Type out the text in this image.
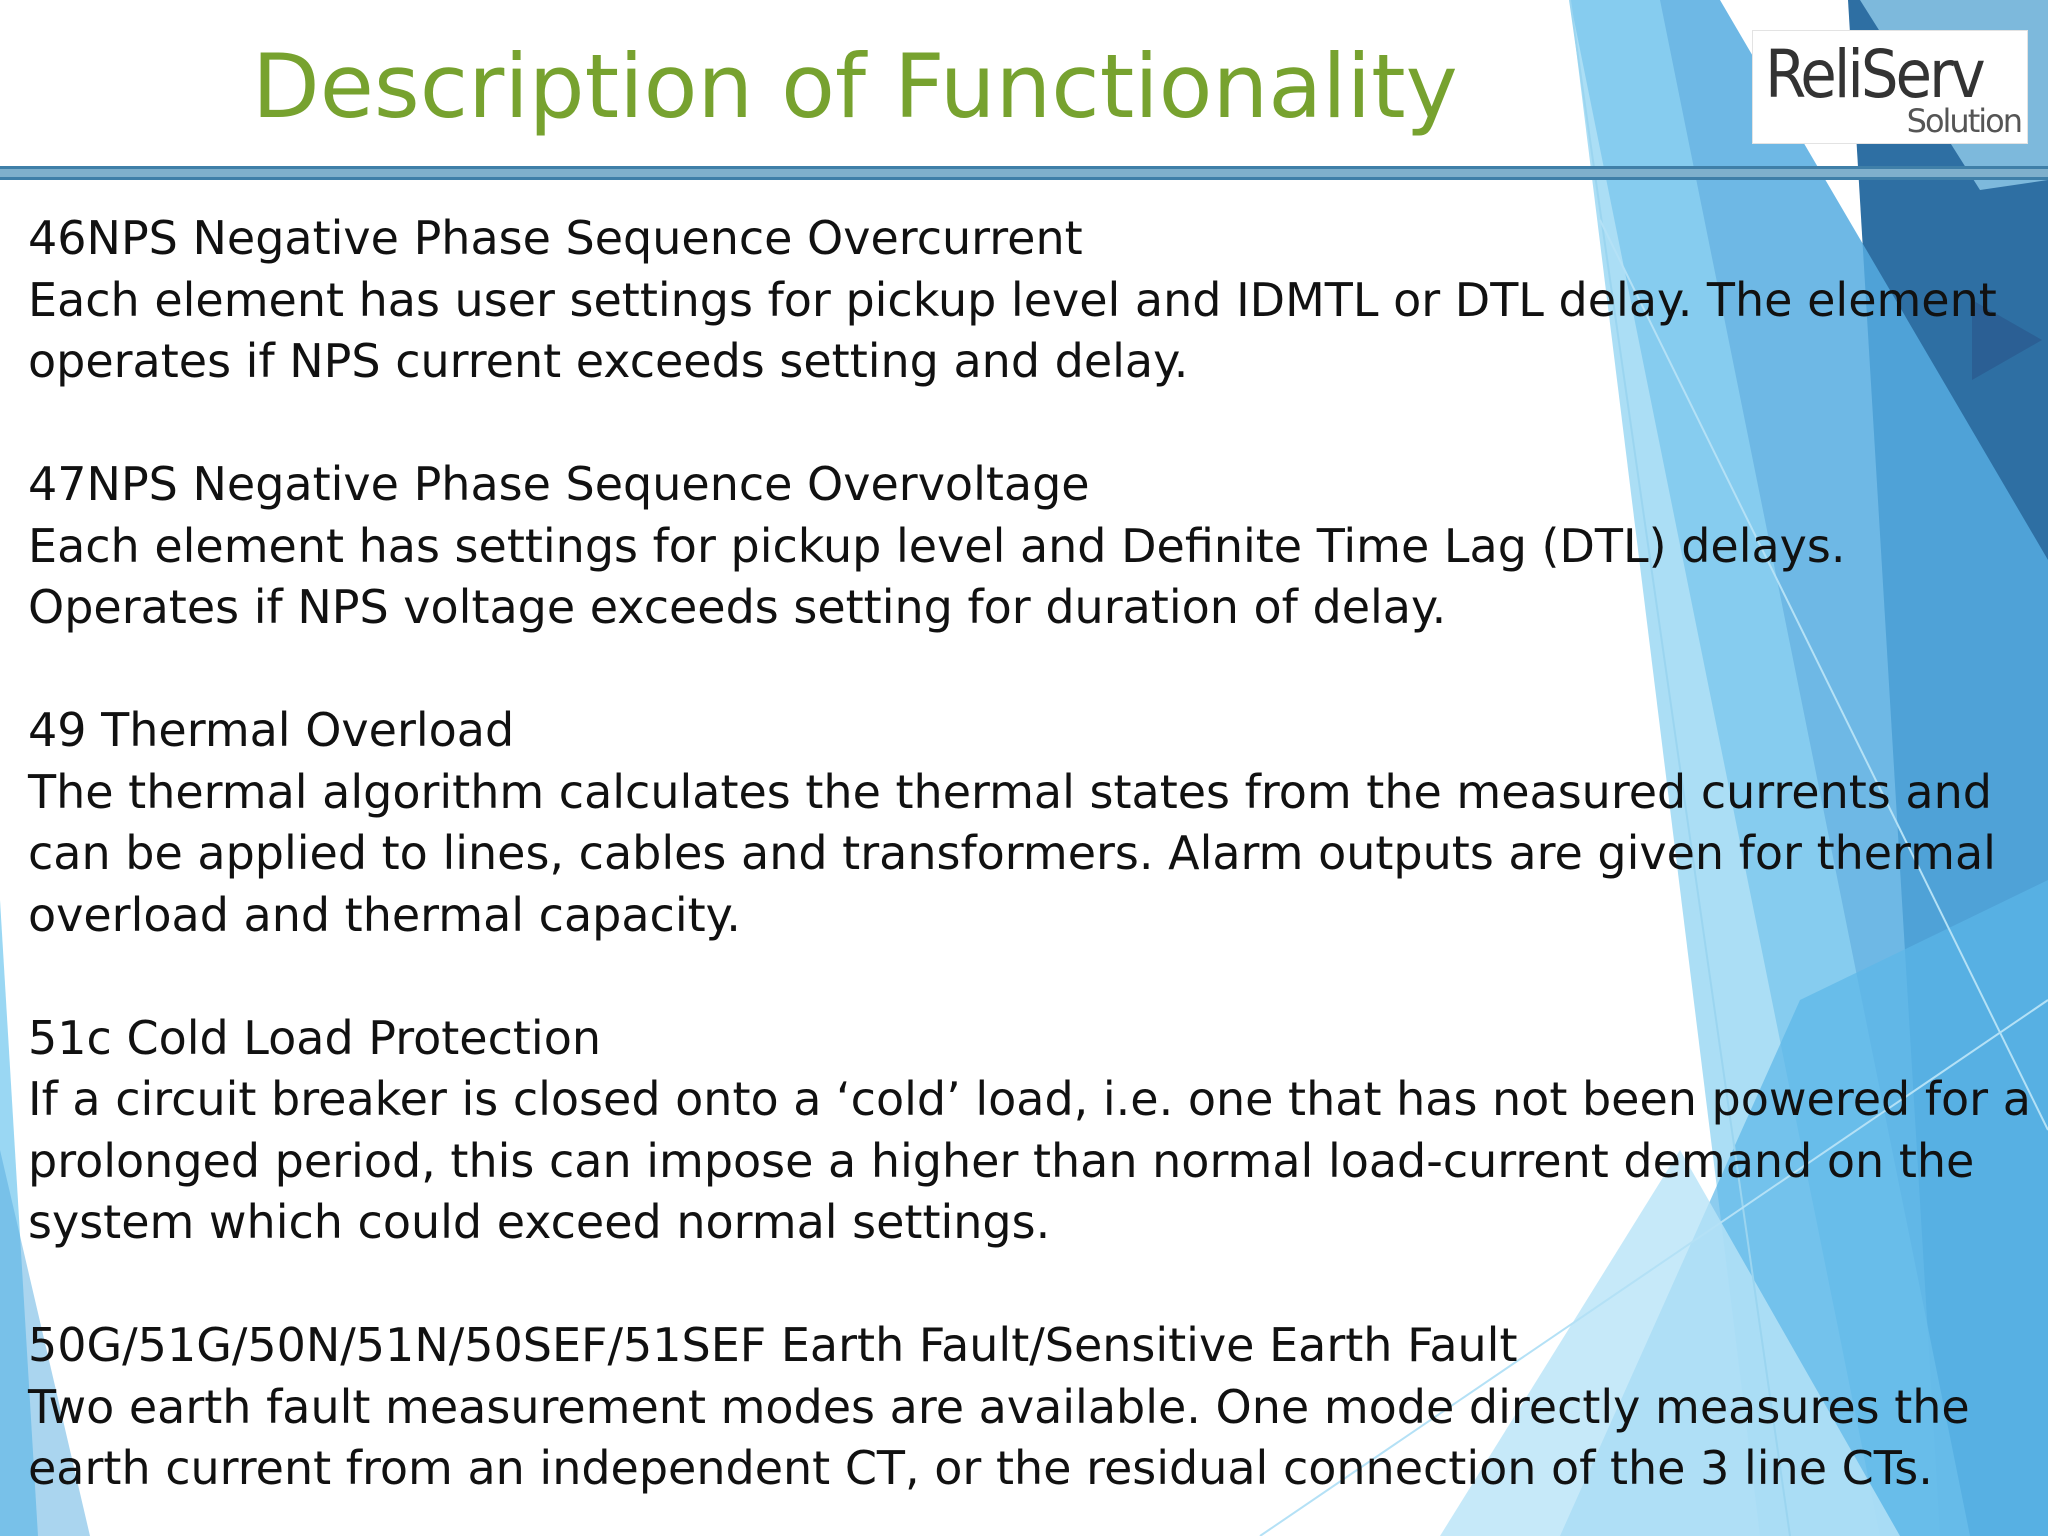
Description of Functionality	ReliServ
Solution
46NPS Negative Phase Sequence Overcurrent
Each element has user settings for pickup level and IDMTL or DTL delay. The element operates if NPS current exceeds setting and delay.
47NPS Negative Phase Sequence Overvoltage
Each element has settings for pickup level and Definite Time Lag (DTL) delays. Operates if NPS voltage exceeds setting for duration of delay.
49 Thermal Overload
The thermal algorithm calculates the thermal states from the measured currents and can be applied to lines, cables and transformers. Alarm outputs are given for thermal overload and thermal capacity.
51c Cold Load Protection
If a circuit breaker is closed onto a ‘cold’ load, i.e. one that has not been powered for a prolonged period, this can impose a higher than normal load-current demand on the system which could exceed normal settings.
50G/51G/50N/51N/50SEF/51SEF Earth Fault/Sensitive Earth Fault
Two earth fault measurement modes are available. One mode directly measures the earth current from an independent CT, or the residual connection of the 3 line CTs.
